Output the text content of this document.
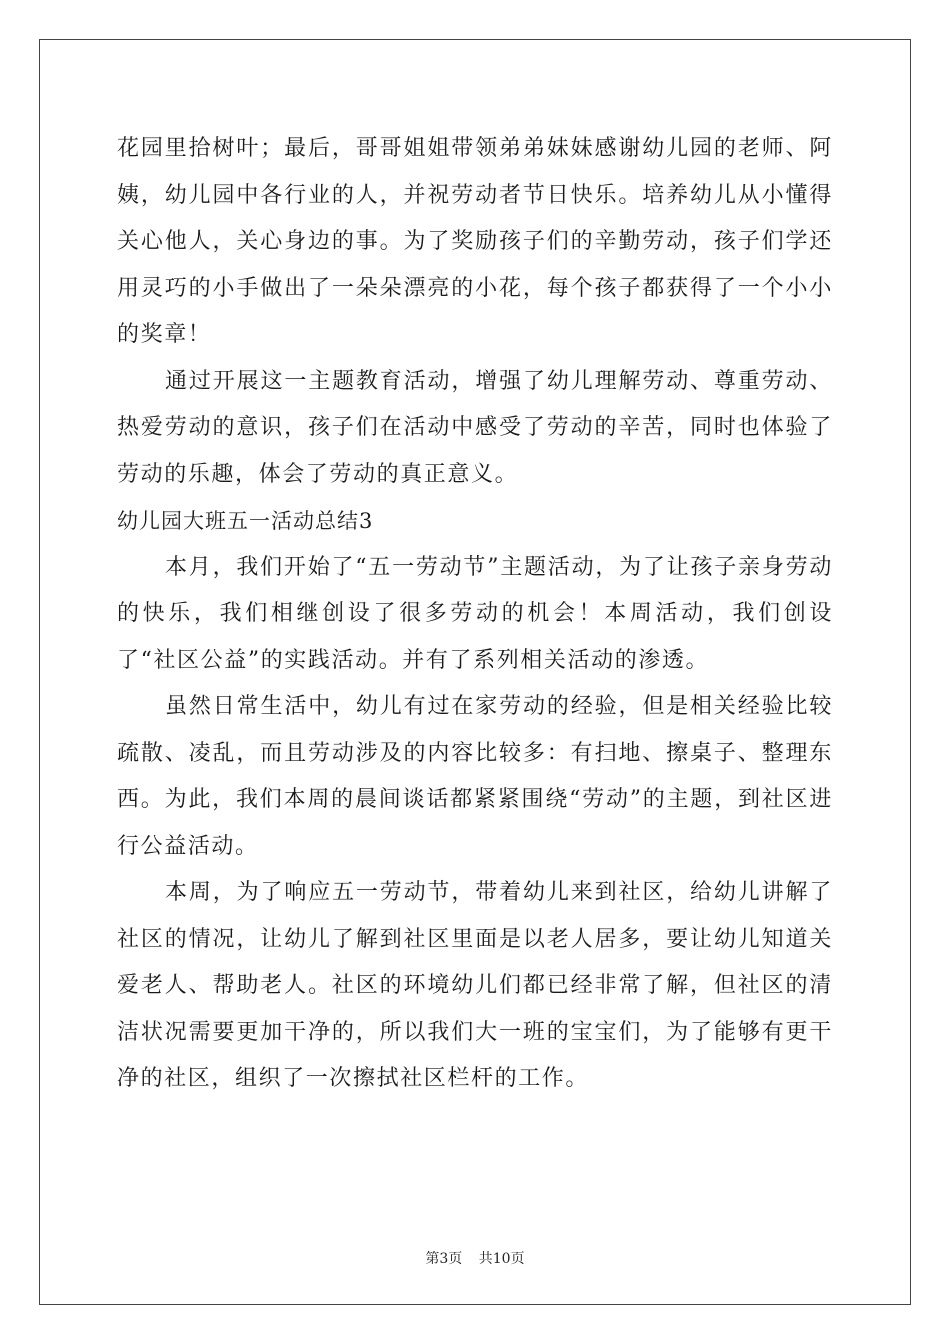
花园里拾树叶；最后，哥哥姐姐带领弟弟妹妹感谢幼儿园的老师、阿姨，幼儿园中各行业的人，并祝劳动者节日快乐。培养幼儿从小懂得关心他人，关心身边的事。为了奖励孩子们的辛勤劳动，孩子们学还用灵巧的小手做出了一朵朵漂亮的小花，每个孩子都获得了一个小小的奖章！

通过开展这一主题教育活动，增强了幼儿理解劳动、尊重劳动、热爱劳动的意识，孩子们在活动中感受了劳动的辛苦，同时也体验了劳动的乐趣，体会了劳动的真正意义。

幼儿园大班五一活动总结3

本月，我们开始了“五一劳动节”主题活动，为了让孩子亲身劳动的快乐，我们相继创设了很多劳动的机会！本周活动，我们创设了“社区公益”的实践活动。并有了系列相关活动的渗透。

虽然日常生活中，幼儿有过在家劳动的经验，但是相关经验比较疏散、凌乱，而且劳动涉及的内容比较多：有扫地、擦桌子、整理东西。为此，我们本周的晨间谈话都紧紧围绕“劳动”的主题，到社区进行公益活动。

本周，为了响应五一劳动节，带着幼儿来到社区，给幼儿讲解了社区的情况，让幼儿了解到社区里面是以老人居多，要让幼儿知道关爱老人、帮助老人。社区的环境幼儿们都已经非常了解，但社区的清洁状况需要更加干净的，所以我们大一班的宝宝们，为了能够有更干净的社区，组织了一次擦拭社区栏杆的工作。

第3页 共10页
